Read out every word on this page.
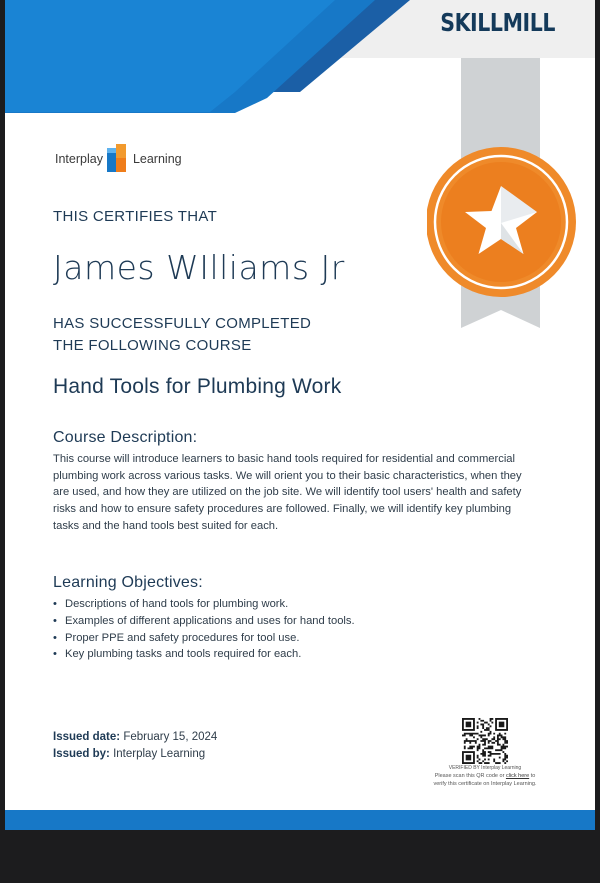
SKILLMILL
Interplay Learning
THIS CERTIFIES THAT
James WIlliams Jr
HAS SUCCESSFULLY COMPLETED
THE FOLLOWING COURSE
Hand Tools for Plumbing Work
Course Description:
This course will introduce learners to basic hand tools required for residential and commercial plumbing work across various tasks. We will orient you to their basic characteristics, when they are used, and how they are utilized on the job site. We will identify tool users' health and safety risks and how to ensure safety procedures are followed. Finally, we will identify key plumbing tasks and the hand tools best suited for each.
Learning Objectives:
• Descriptions of hand tools for plumbing work.
• Examples of different applications and uses for hand tools.
• Proper PPE and safety procedures for tool use.
• Key plumbing tasks and tools required for each.
Issued date: February 15, 2024
Issued by: Interplay Learning
VERIFIED BY Interplay Learning
Please scan this QR code or click here to
verify this certificate on Interplay Learning.
